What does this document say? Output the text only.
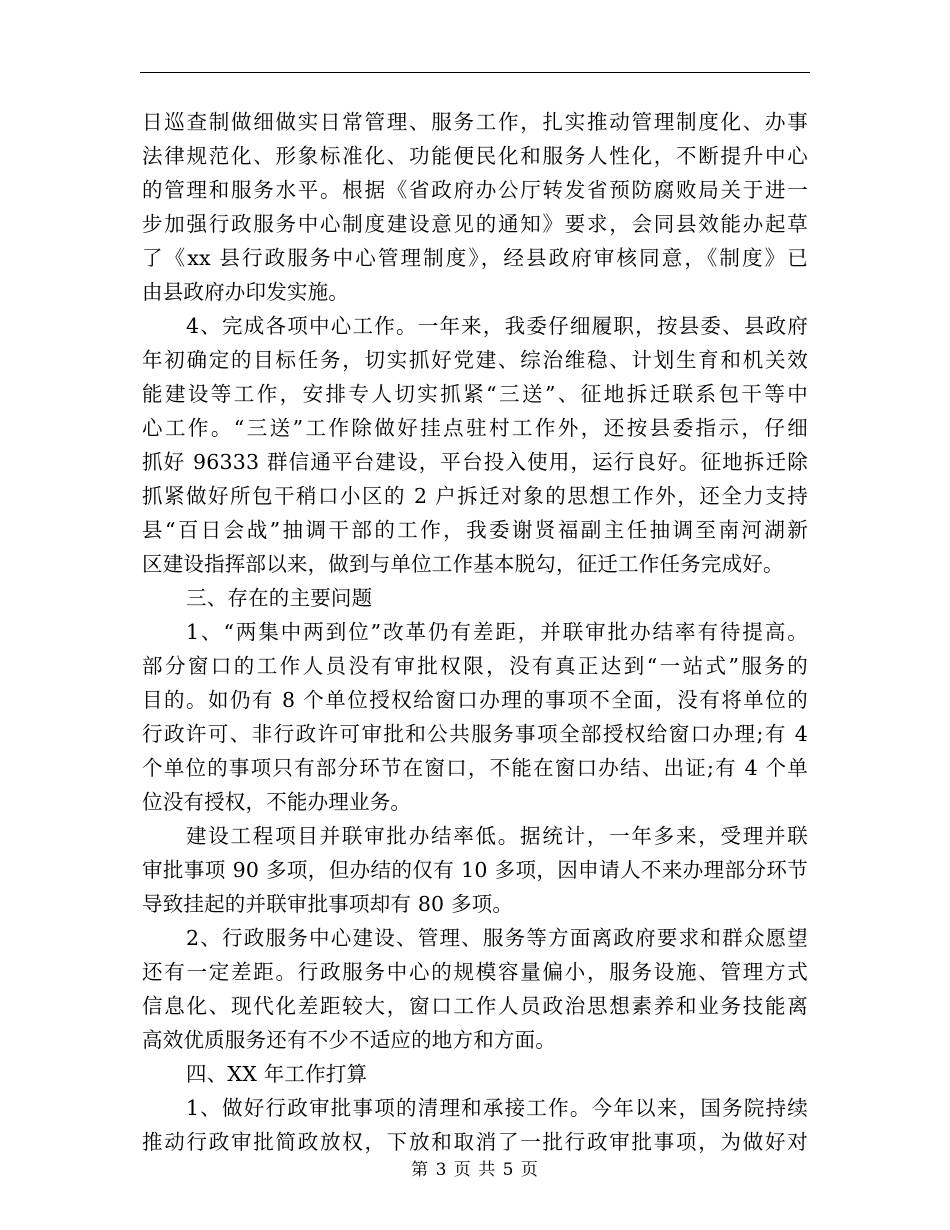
日巡查制做细做实日常管理、服务工作，扎实推动管理制度化、办事
法律规范化、形象标准化、功能便民化和服务人性化，不断提升中心
的管理和服务水平。根据《省政府办公厅转发省预防腐败局关于进一
步加强行政服务中心制度建设意见的通知》要求，会同县效能办起草
了《xx 县行政服务中心管理制度》，经县政府审核同意，《制度》已
由县政府办印发实施。
4、完成各项中心工作。一年来，我委仔细履职，按县委、县政府
年初确定的目标任务，切实抓好党建、综治维稳、计划生育和机关效
能建设等工作，安排专人切实抓紧“三送”、征地拆迁联系包干等中
心工作。“三送”工作除做好挂点驻村工作外，还按县委指示，仔细
抓好 96333 群信通平台建设，平台投入使用，运行良好。征地拆迁除
抓紧做好所包干稍口小区的 2 户拆迁对象的思想工作外，还全力支持
县“百日会战”抽调干部的工作，我委谢贤福副主任抽调至南河湖新
区建设指挥部以来，做到与单位工作基本脱勾，征迁工作任务完成好。
三、存在的主要问题
1、“两集中两到位”改革仍有差距，并联审批办结率有待提高。
部分窗口的工作人员没有审批权限，没有真正达到“一站式”服务的
目的。如仍有 8 个单位授权给窗口办理的事项不全面，没有将单位的
行政许可、非行政许可审批和公共服务事项全部授权给窗口办理;有 4
个单位的事项只有部分环节在窗口，不能在窗口办结、出证;有 4 个单
位没有授权，不能办理业务。
建设工程项目并联审批办结率低。据统计，一年多来，受理并联
审批事项 90 多项，但办结的仅有 10 多项，因申请人不来办理部分环节
导致挂起的并联审批事项却有 80 多项。
2、行政服务中心建设、管理、服务等方面离政府要求和群众愿望
还有一定差距。行政服务中心的规模容量偏小，服务设施、管理方式
信息化、现代化差距较大，窗口工作人员政治思想素养和业务技能离
高效优质服务还有不少不适应的地方和方面。
四、XX 年工作打算
1、做好行政审批事项的清理和承接工作。今年以来，国务院持续
推动行政审批简政放权，下放和取消了一批行政审批事项，为做好对
第 3 页 共 5 页
